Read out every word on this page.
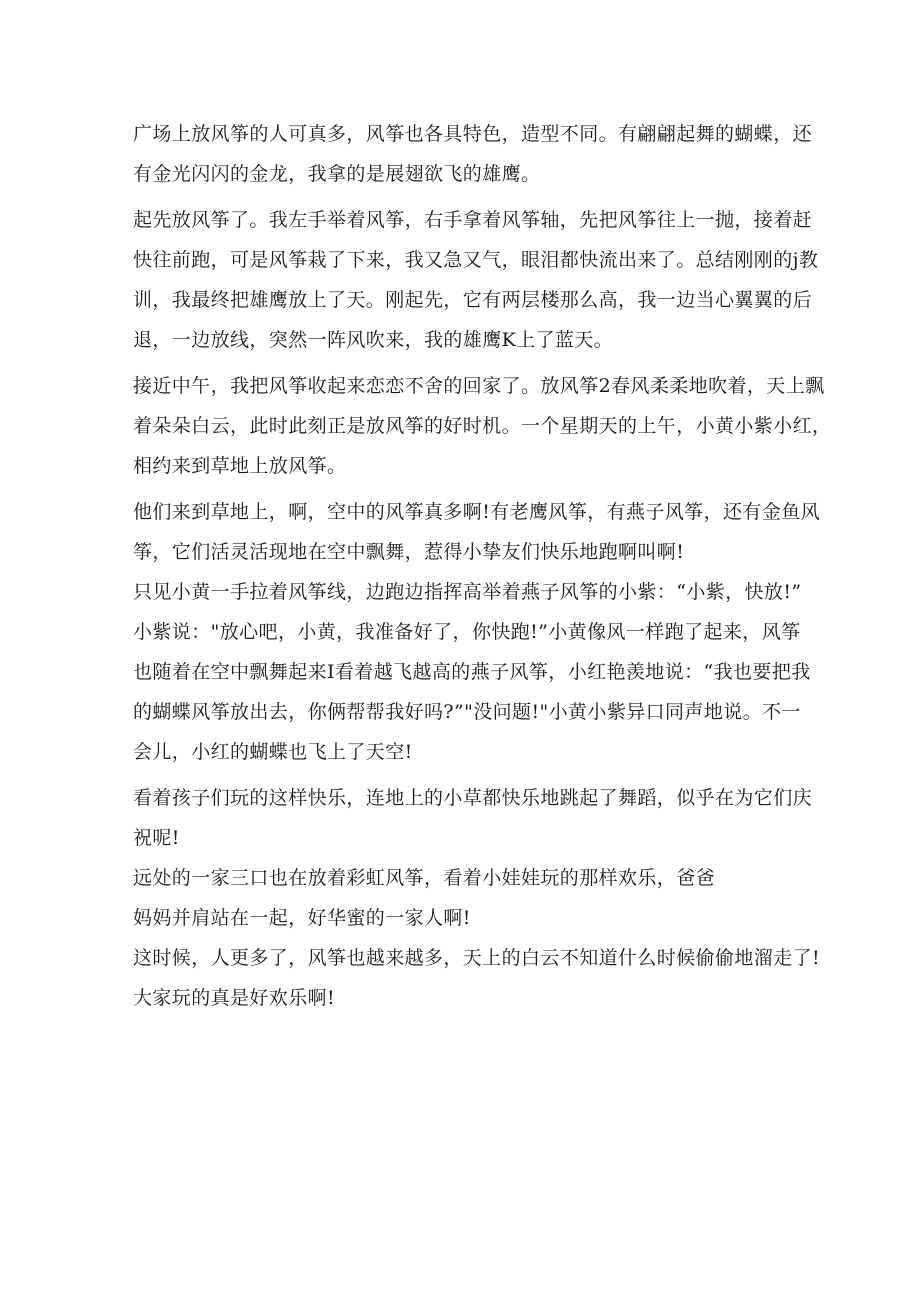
广场上放风筝的人可真多，风筝也各具特色，造型不同。有翩翩起舞的蝴蝶，还
有金光闪闪的金龙，我拿的是展翅欲飞的雄鹰。
起先放风筝了。我左手举着风筝，右手拿着风筝轴，先把风筝往上一抛，接着赶
快往前跑，可是风筝栽了下来，我又急又气，眼泪都快流出来了。总结刚刚的j教
训，我最终把雄鹰放上了天。刚起先，它有两层楼那么高，我一边当心翼翼的后
退，一边放线，突然一阵风吹来，我的雄鹰K上了蓝天。
接近中午，我把风筝收起来恋恋不舍的回家了。放风筝2春风柔柔地吹着，天上飘
着朵朵白云，此时此刻正是放风筝的好时机。一个星期天的上午，小黄小紫小红，
相约来到草地上放风筝。
他们来到草地上，啊，空中的风筝真多啊!有老鹰风筝，有燕子风筝，还有金鱼风
筝，它们活灵活现地在空中飘舞，惹得小挚友们快乐地跑啊叫啊!
只见小黄一手拉着风筝线，边跑边指挥高举着燕子风筝的小紫：“小紫，快放!”
小紫说："放心吧，小黄，我准备好了，你快跑!”小黄像风一样跑了起来，风筝
也随着在空中飘舞起来I看着越飞越高的燕子风筝，小红艳羡地说：“我也要把我
的蝴蝶风筝放出去，你俩帮帮我好吗?”"没问题!"小黄小紫异口同声地说。不一
会儿，小红的蝴蝶也飞上了天空!
看着孩子们玩的这样快乐，连地上的小草都快乐地跳起了舞蹈，似乎在为它们庆
祝呢!
远处的一家三口也在放着彩虹风筝，看着小娃娃玩的那样欢乐，爸爸
妈妈并肩站在一起，好华蜜的一家人啊!
这时候，人更多了，风筝也越来越多，天上的白云不知道什么时候偷偷地溜走了!
大家玩的真是好欢乐啊!
